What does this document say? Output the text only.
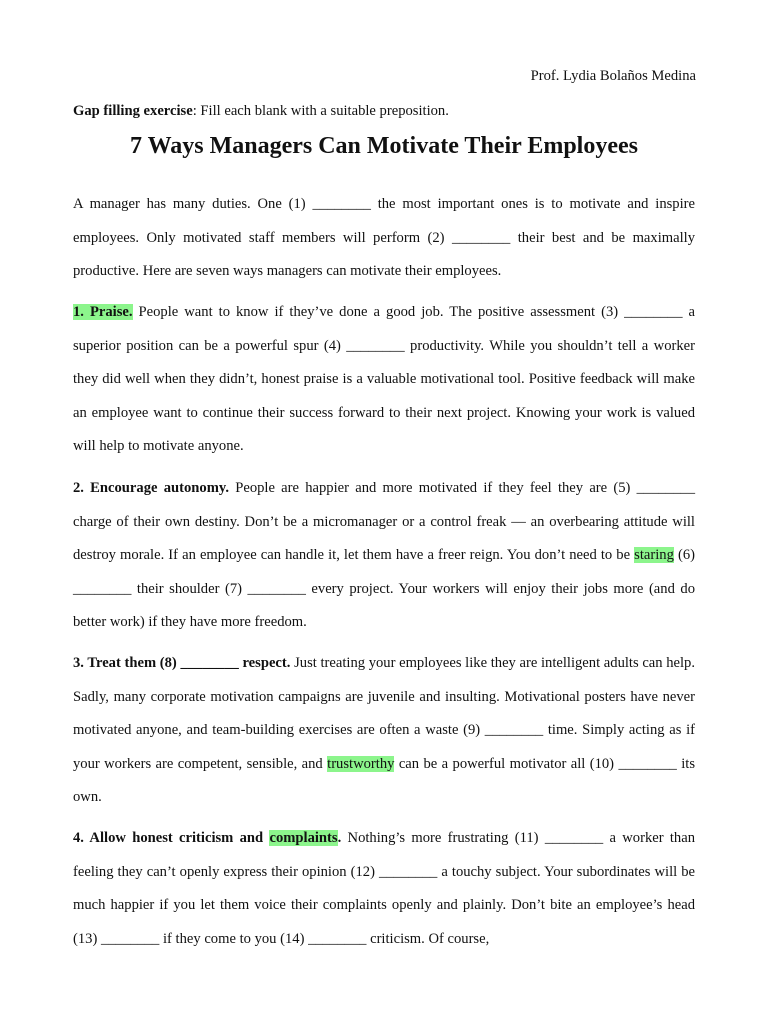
Prof. Lydia Bolaños Medina
Gap filling exercise: Fill each blank with a suitable preposition.
7 Ways Managers Can Motivate Their Employees

A manager has many duties. One (1) ________ the most important ones is to motivate and inspire employees. Only motivated staff members will perform (2) ________ their best and be maximally productive. Here are seven ways managers can motivate their employees.

1. Praise. People want to know if they’ve done a good job. The positive assessment (3) ________ a superior position can be a powerful spur (4) ________ productivity. While you shouldn’t tell a worker they did well when they didn’t, honest praise is a valuable motivational tool. Positive feedback will make an employee want to continue their success forward to their next project. Knowing your work is valued will help to motivate anyone.

2. Encourage autonomy. People are happier and more motivated if they feel they are (5) ________ charge of their own destiny. Don’t be a micromanager or a control freak — an overbearing attitude will destroy morale. If an employee can handle it, let them have a freer reign. You don’t need to be staring (6) ________ their shoulder (7) ________ every project. Your workers will enjoy their jobs more (and do better work) if they have more freedom.

3. Treat them (8) ________ respect. Just treating your employees like they are intelligent adults can help. Sadly, many corporate motivation campaigns are juvenile and insulting. Motivational posters have never motivated anyone, and team-building exercises are often a waste (9) ________ time. Simply acting as if your workers are competent, sensible, and trustworthy can be a powerful motivator all (10) ________ its own.

4. Allow honest criticism and complaints. Nothing’s more frustrating (11) ________ a worker than feeling they can’t openly express their opinion (12) ________ a touchy subject. Your subordinates will be much happier if you let them voice their complaints openly and plainly. Don’t bite an employee’s head (13) ________ if they come to you (14) ________ criticism. Of course,
